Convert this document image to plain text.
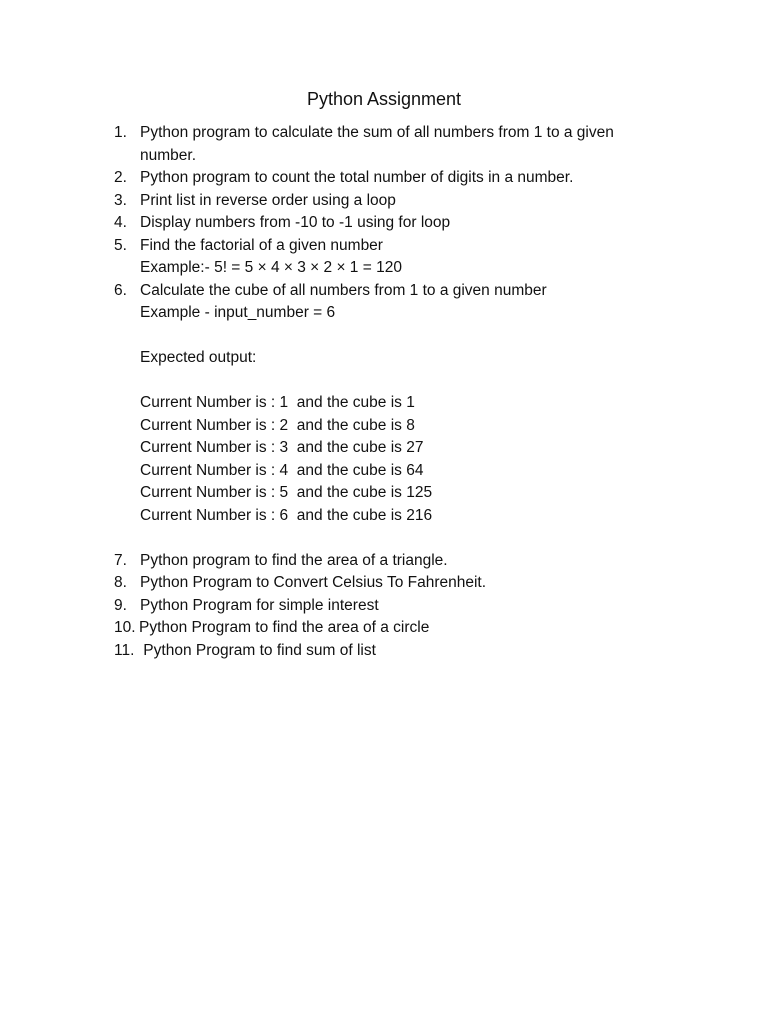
Python Assignment
1. Python program to calculate the sum of all numbers from 1 to a given
number.
2. Python program to count the total number of digits in a number.
3. Print list in reverse order using a loop
4. Display numbers from -10 to -1 using for loop
5. Find the factorial of a given number
Example:- 5! = 5 × 4 × 3 × 2 × 1 = 120
6. Calculate the cube of all numbers from 1 to a given number
Example - input_number = 6
Expected output:
Current Number is : 1  and the cube is 1
Current Number is : 2  and the cube is 8
Current Number is : 3  and the cube is 27
Current Number is : 4  and the cube is 64
Current Number is : 5  and the cube is 125
Current Number is : 6  and the cube is 216
7. Python program to find the area of a triangle.
8. Python Program to Convert Celsius To Fahrenheit.
9. Python Program for simple interest
10. Python Program to find the area of a circle
11. Python Program to find sum of list
